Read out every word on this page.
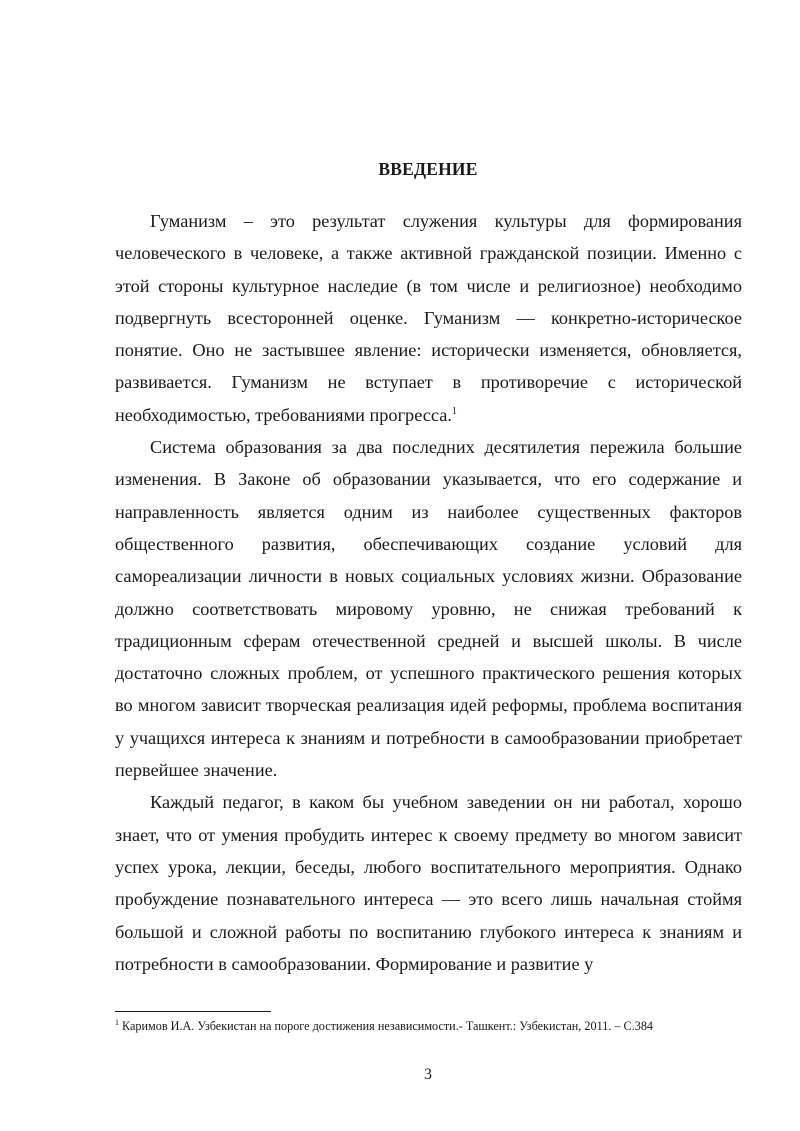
ВВЕДЕНИЕ

Гуманизм – это результат служения культуры для формирования человеческого в человеке, а также активной гражданской позиции. Именно с этой стороны культурное наследие (в том числе и религиозное) необходимо подвергнуть всесторонней оценке. Гуманизм — конкретно-историческое понятие. Оно не застывшее явление: исторически изменяется, обновляется, развивается. Гуманизм не вступает в противоречие с исторической необходимостью, требованиями прогресса.$^1$

Система образования за два последних десятилетия пережила большие изменения. В Законе об образовании указывается, что его содержание и направленность является одним из наиболее существенных факторов общественного развития, обеспечивающих создание условий для самореализации личности в новых социальных условиях жизни. Образование должно соответствовать мировому уровню, не снижая требований к традиционным сферам отечественной средней и высшей школы. В числе достаточно сложных проблем, от успешного практического решения которых во многом зависит творческая реализация идей реформы, проблема воспитания у учащихся интереса к знаниям и потребности в самообразовании приобретает первейшее значение.

Каждый педагог, в каком бы учебном заведении он ни работал, хорошо знает, что от умения пробудить интерес к своему предмету во многом зависит успех урока, лекции, беседы, любого воспитательного мероприятия. Однако пробуждение познавательного интереса — это всего лишь начальная стоймя большой и сложной работы по воспитанию глубокого интереса к знаниям и потребности в самообразовании. Формирование и развитие у

$^1$ Каримов И.А. Узбекистан на пороге достижения независимости.- Ташкент.: Узбекистан, 2011. – С.384
3
